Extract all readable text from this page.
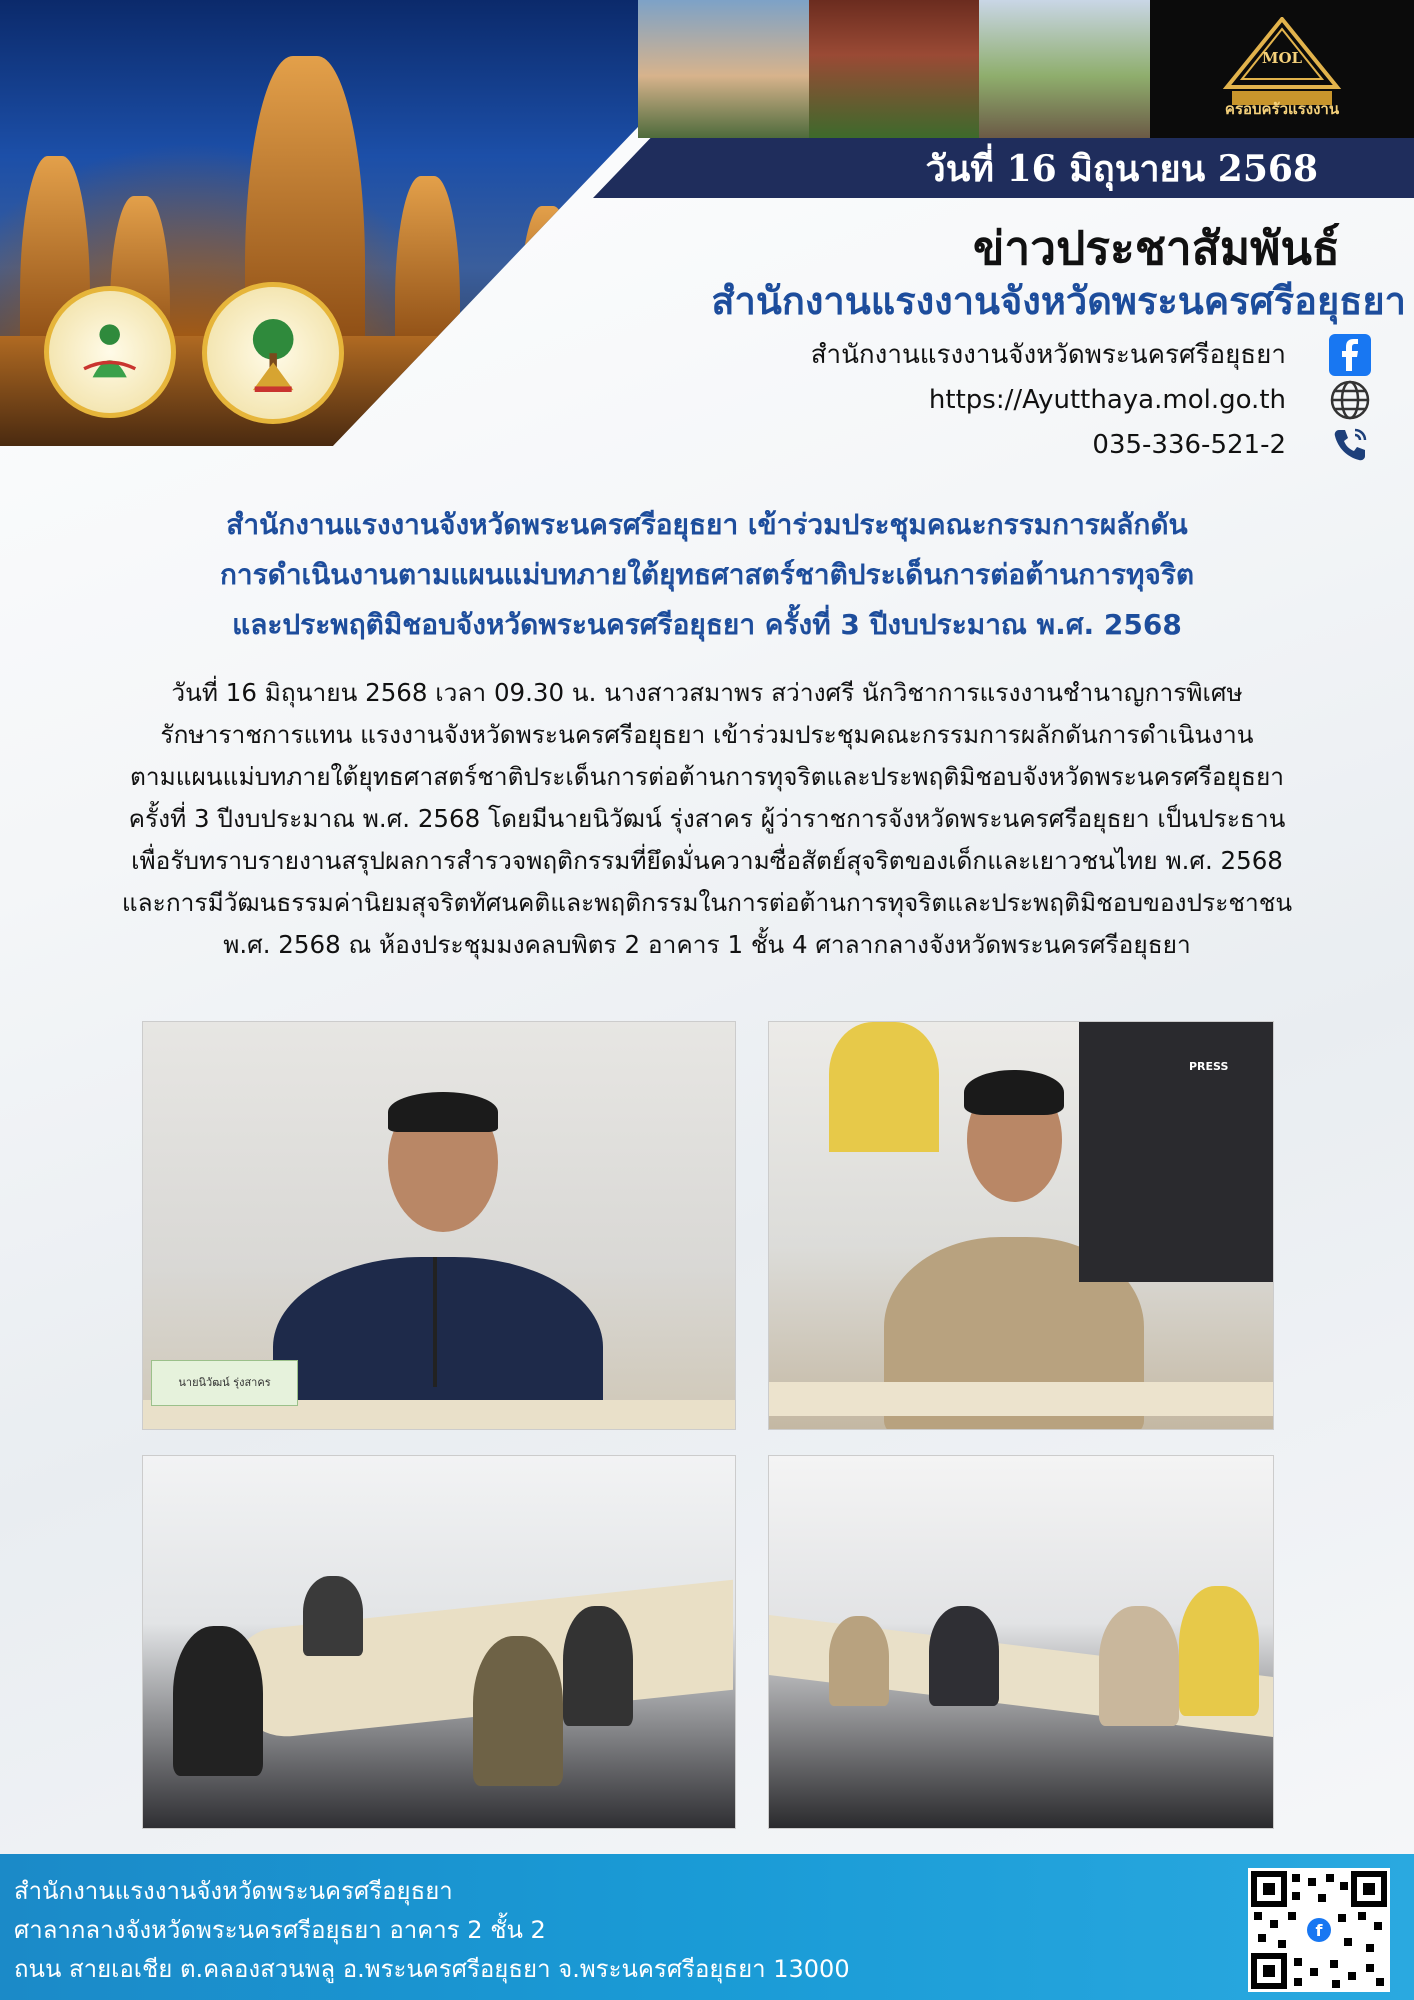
MOL
ครอบครัวแรงงาน
วันที่ 16 มิถุนายน 2568
ข่าวประชาสัมพันธ์
สำนักงานแรงงานจังหวัดพระนครศรีอยุธยา
สำนักงานแรงงานจังหวัดพระนครศรีอยุธยา
https://Ayutthaya.mol.go.th
035-336-521-2
สำนักงานแรงงานจังหวัดพระนครศรีอยุธยา เข้าร่วมประชุมคณะกรรมการผลักดัน
การดำเนินงานตามแผนแม่บทภายใต้ยุทธศาสตร์ชาติประเด็นการต่อต้านการทุจริต
และประพฤติมิชอบจังหวัดพระนครศรีอยุธยา ครั้งที่ 3 ปีงบประมาณ พ.ศ. 2568
วันที่ 16 มิถุนายน 2568 เวลา 09.30 น. นางสาวสมาพร สว่างศรี นักวิชาการแรงงานชำนาญการพิเศษ
รักษาราชการแทน แรงงานจังหวัดพระนครศรีอยุธยา เข้าร่วมประชุมคณะกรรมการผลักดันการดำเนินงาน
ตามแผนแม่บทภายใต้ยุทธศาสตร์ชาติประเด็นการต่อต้านการทุจริตและประพฤติมิชอบจังหวัดพระนครศรีอยุธยา
ครั้งที่ 3 ปีงบประมาณ พ.ศ. 2568 โดยมีนายนิวัฒน์ รุ่งสาคร ผู้ว่าราชการจังหวัดพระนครศรีอยุธยา เป็นประธาน
เพื่อรับทราบรายงานสรุปผลการสำรวจพฤติกรรมที่ยึดมั่นความซื่อสัตย์สุจริตของเด็กและเยาวชนไทย พ.ศ. 2568
และการมีวัฒนธรรมค่านิยมสุจริตทัศนคติและพฤติกรรมในการต่อต้านการทุจริตและประพฤติมิชอบของประชาชน
พ.ศ. 2568 ณ ห้องประชุมมงคลบพิตร 2 อาคาร 1 ชั้น 4 ศาลากลางจังหวัดพระนครศรีอยุธยา
นายนิวัฒน์ รุ่งสาคร
PRESS
สำนักงานแรงงานจังหวัดพระนครศรีอยุธยา
ศาลากลางจังหวัดพระนครศรีอยุธยา อาคาร 2 ชั้น 2
ถนน สายเอเชีย ต.คลองสวนพลู อ.พระนครศรีอยุธยา จ.พระนครศรีอยุธยา 13000
f
